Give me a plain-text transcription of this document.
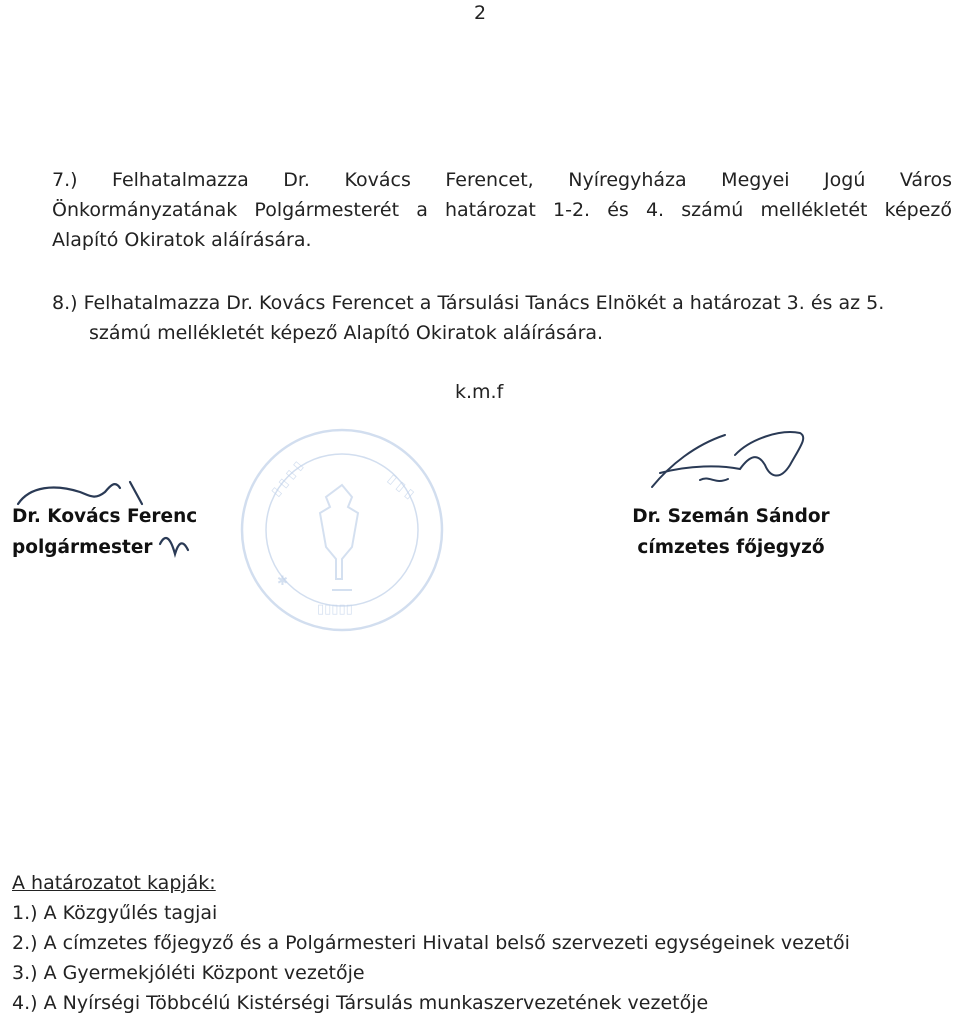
2
7.) Felhatalmazza Dr. Kovács Ferencet, Nyíregyháza Megyei Jogú Város
Önkormányzatának Polgármesterét a határozat 1-2. és 4. számú mellékletét képező
Alapító Okiratok aláírására.
8.) Felhatalmazza Dr. Kovács Ferencet a Társulási Tanács Elnökét a határozat 3. és az 5.
számú mellékletét képező Alapító Okiratok aláírására.
k.m.f
▯ ▯ ▯ ▯	▯ ▯ ▯
▯▯▯▯▯
✱
Dr. Kovács Ferenc
polgármester
Dr. Szemán Sándor
címzetes főjegyző
A határozatot kapják:
1.) A Közgyűlés tagjai
2.) A címzetes főjegyző és a Polgármesteri Hivatal belső szervezeti egységeinek vezetői
3.) A Gyermekjóléti Központ vezetője
4.) A Nyírségi Többcélú Kistérségi Társulás munkaszervezetének vezetője
